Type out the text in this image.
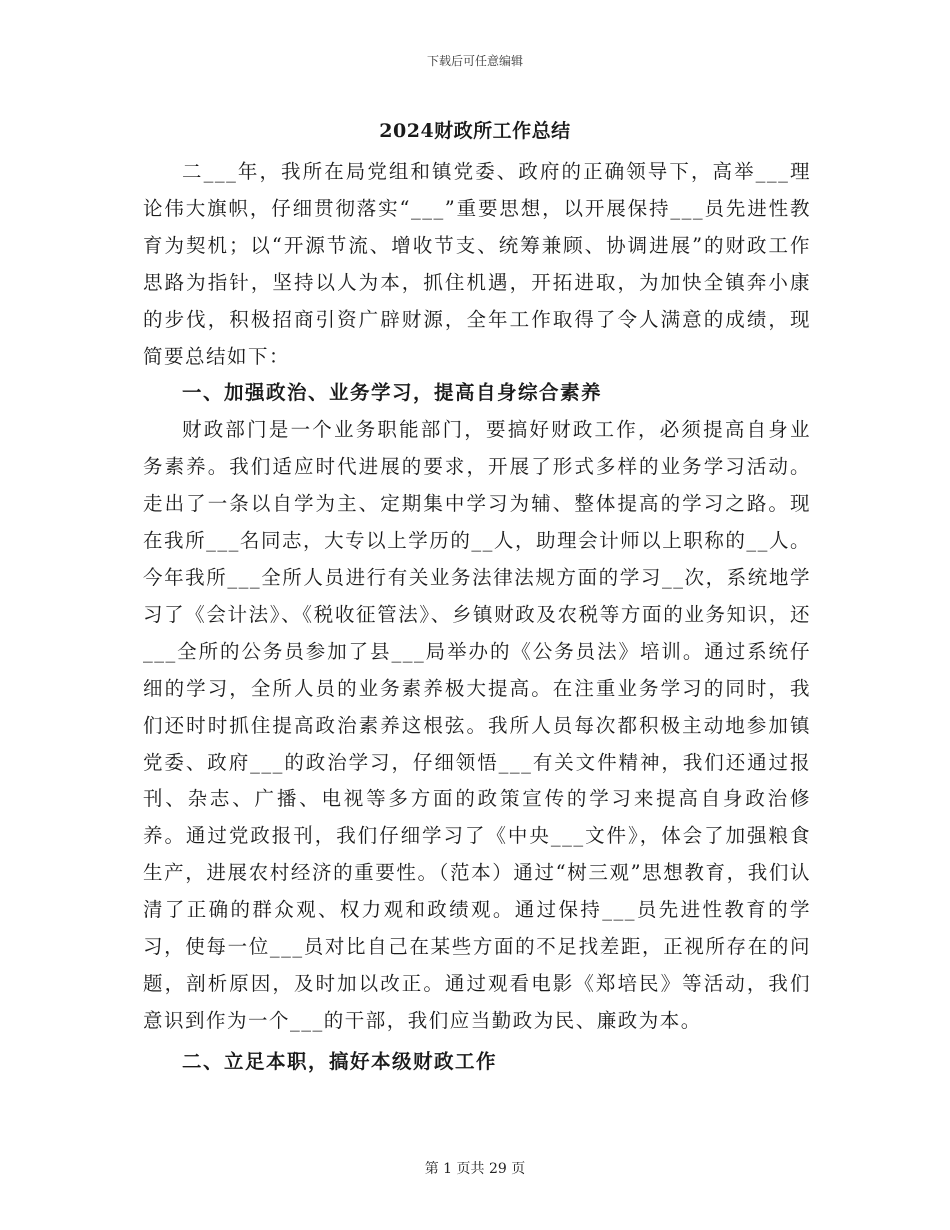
下载后可任意编辑
2024财政所工作总结

二___年，我所在局党组和镇党委、政府的正确领导下，高举___理论伟大旗帜，仔细贯彻落实“___”重要思想，以开展保持___员先进性教育为契机；以“开源节流、增收节支、统筹兼顾、协调进展”的财政工作思路为指针，坚持以人为本，抓住机遇，开拓进取，为加快全镇奔小康的步伐，积极招商引资广辟财源，全年工作取得了令人满意的成绩，现简要总结如下：

一、加强政治、业务学习，提高自身综合素养

财政部门是一个业务职能部门，要搞好财政工作，必须提高自身业务素养。我们适应时代进展的要求，开展了形式多样的业务学习活动。走出了一条以自学为主、定期集中学习为辅、整体提高的学习之路。现在我所___名同志，大专以上学历的__人，助理会计师以上职称的__人。今年我所___全所人员进行有关业务法律法规方面的学习__次，系统地学习了《会计法》、《税收征管法》、乡镇财政及农税等方面的业务知识，还___全所的公务员参加了县___局举办的《公务员法》培训。通过系统仔细的学习，全所人员的业务素养极大提高。在注重业务学习的同时，我们还时时抓住提高政治素养这根弦。我所人员每次都积极主动地参加镇党委、政府___的政治学习，仔细领悟___有关文件精神，我们还通过报刊、杂志、广播、电视等多方面的政策宣传的学习来提高自身政治修养。通过党政报刊，我们仔细学习了《中央___文件》，体会了加强粮食生产，进展农村经济的重要性。（范本）通过“树三观”思想教育，我们认清了正确的群众观、权力观和政绩观。通过保持___员先进性教育的学习，使每一位___员对比自己在某些方面的不足找差距，正视所存在的问题，剖析原因，及时加以改正。通过观看电影《郑培民》等活动，我们意识到作为一个___的干部，我们应当勤政为民、廉政为本。

二、立足本职，搞好本级财政工作
第 1 页共 29 页
